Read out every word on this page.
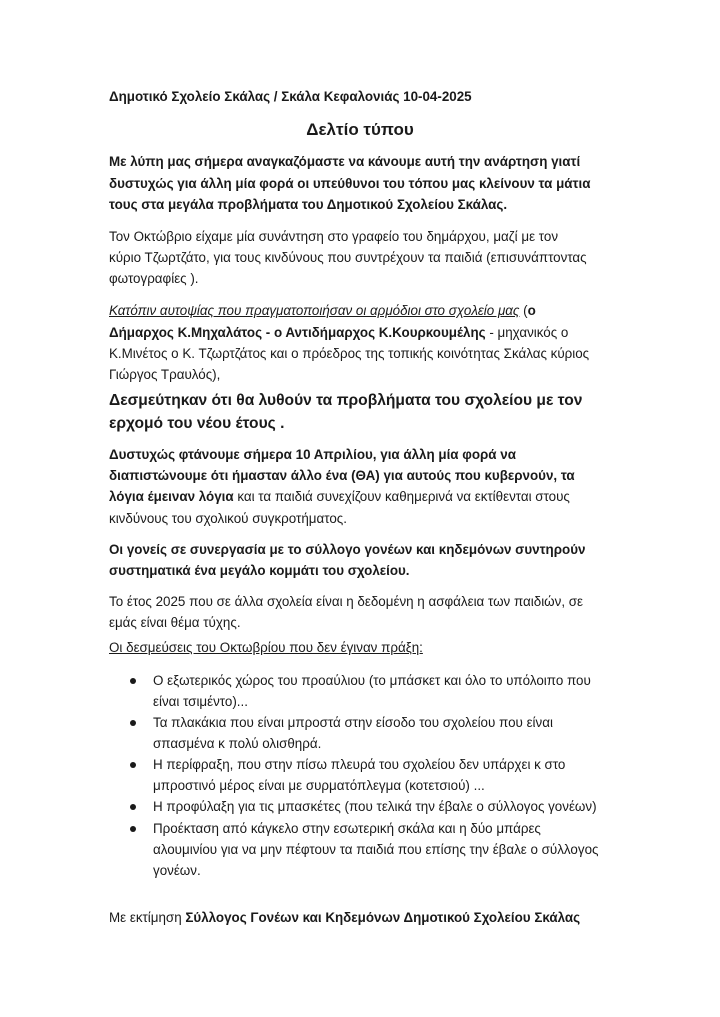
Δημοτικό Σχολείο Σκάλας / Σκάλα Κεφαλονιάς 10-04-2025
Δελτίο τύπου
Με λύπη μας σήμερα αναγκαζόμαστε να κάνουμε αυτή την ανάρτηση γιατί
δυστυχώς για άλλη μία φορά οι υπεύθυνοι του τόπου μας κλείνουν τα μάτια
τους στα μεγάλα προβλήματα του Δημοτικού Σχολείου Σκάλας.
Τον Οκτώβριο είχαμε μία συνάντηση στο γραφείο του δημάρχου, μαζί με τον
κύριο Τζωρτζάτο, για τους κινδύνους που συντρέχουν τα παιδιά (επισυνάπτοντας
φωτογραφίες ).
Κατόπιν αυτοψίας που πραγματοποιήσαν οι αρμόδιοι στο σχολείο μας (ο
Δήμαρχος Κ.Μηχαλάτος - ο Αντιδήμαρχος Κ.Κουρκουμέλης - μηχανικός ο
Κ.Μινέτος ο Κ. Τζωρτζάτος και ο πρόεδρος της τοπικής κοινότητας Σκάλας κύριος
Γιώργος Τραυλός),
Δεσμεύτηκαν ότι θα λυθούν τα προβλήματα του σχολείου με τον
ερχομό του νέου έτους .
Δυστυχώς φτάνουμε σήμερα 10 Απριλίου, για άλλη μία φορά να
διαπιστώνουμε ότι ήμασταν άλλο ένα (ΘΑ) για αυτούς που κυβερνούν, τα
λόγια έμειναν λόγια και τα παιδιά συνεχίζουν καθημερινά να εκτίθενται στους
κινδύνους του σχολικού συγκροτήματος.
Οι γονείς σε συνεργασία με το σύλλογο γονέων και κηδεμόνων συντηρούν
συστηματικά ένα μεγάλο κομμάτι του σχολείου.
Το έτος 2025 που σε άλλα σχολεία είναι η δεδομένη η ασφάλεια των παιδιών, σε
εμάς είναι θέμα τύχης.
Οι δεσμεύσεις του Οκτωβρίου που δεν έγιναν πράξη:
Με εκτίμηση Σύλλογος Γονέων και Κηδεμόνων Δημοτικού Σχολείου Σκάλας
Ο εξωτερικός χώρος του προαύλιου (το μπάσκετ και όλο το υπόλοιπο που
είναι τσιμέντο)...
Τα πλακάκια που είναι μπροστά στην είσοδο του σχολείου που είναι
σπασμένα κ πολύ ολισθηρά.
Η περίφραξη, που στην πίσω πλευρά του σχολείου δεν υπάρχει κ στο
μπροστινό μέρος είναι με συρματόπλεγμα (κοτετσιού) ...
Η προφύλαξη για τις μπασκέτες (που τελικά την έβαλε ο σύλλογος γονέων)
Προέκταση από κάγκελο στην εσωτερική σκάλα και η δύο μπάρες
αλουμινίου για να μην πέφτουν τα παιδιά που επίσης την έβαλε ο σύλλογος
γονέων.
